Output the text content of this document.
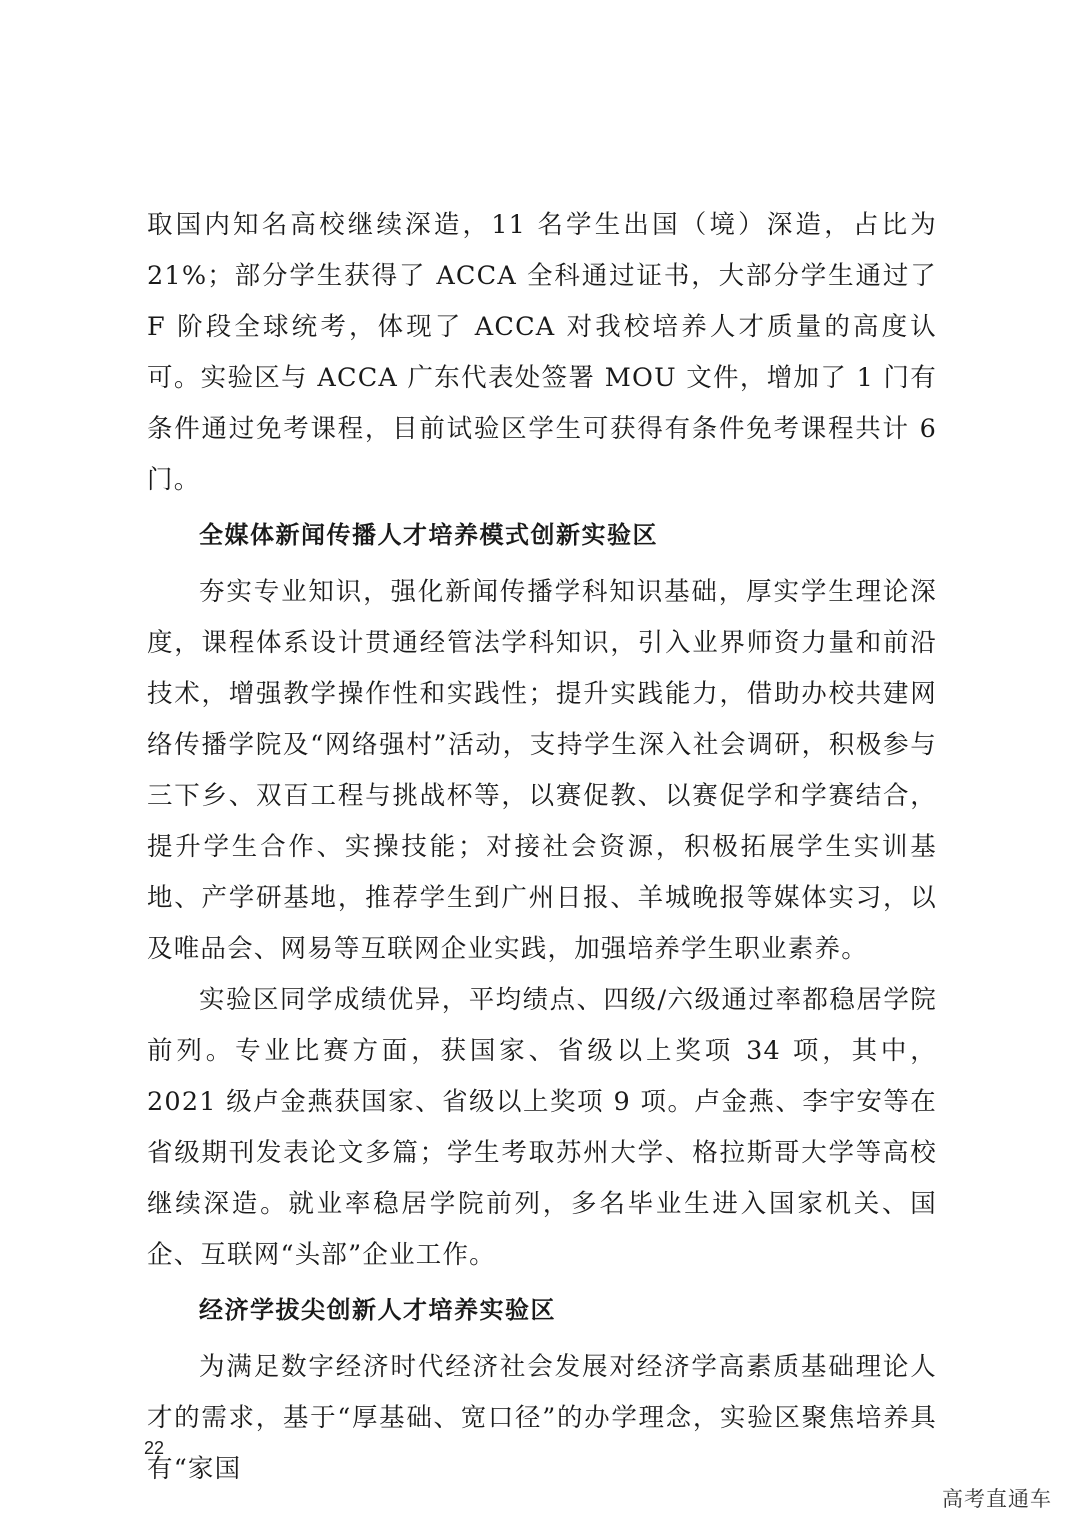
取国内知名高校继续深造，11 名学生出国（境）深造，占比为 21%；部分学生获得了 ACCA 全科通过证书，大部分学生通过了 F 阶段全球统考，体现了 ACCA 对我校培养人才质量的高度认可。实验区与 ACCA 广东代表处签署 MOU 文件，增加了 1 门有条件通过免考课程，目前试验区学生可获得有条件免考课程共计 6 门。

全媒体新闻传播人才培养模式创新实验区

夯实专业知识，强化新闻传播学科知识基础，厚实学生理论深度，课程体系设计贯通经管法学科知识，引入业界师资力量和前沿技术，增强教学操作性和实践性；提升实践能力，借助办校共建网络传播学院及“网络强村”活动，支持学生深入社会调研，积极参与三下乡、双百工程与挑战杯等，以赛促教、以赛促学和学赛结合，提升学生合作、实操技能；对接社会资源，积极拓展学生实训基地、产学研基地，推荐学生到广州日报、羊城晚报等媒体实习，以及唯品会、网易等互联网企业实践，加强培养学生职业素养。

实验区同学成绩优异，平均绩点、四级/六级通过率都稳居学院前列。专业比赛方面，获国家、省级以上奖项 34 项，其中，2021 级卢金燕获国家、省级以上奖项 9 项。卢金燕、李宇安等在省级期刊发表论文多篇；学生考取苏州大学、格拉斯哥大学等高校继续深造。就业率稳居学院前列，多名毕业生进入国家机关、国企、互联网“头部”企业工作。

经济学拔尖创新人才培养实验区

为满足数字经济时代经济社会发展对经济学高素质基础理论人才的需求，基于“厚基础、宽口径”的办学理念，实验区聚焦培养具有“家国

22
高考直通车
